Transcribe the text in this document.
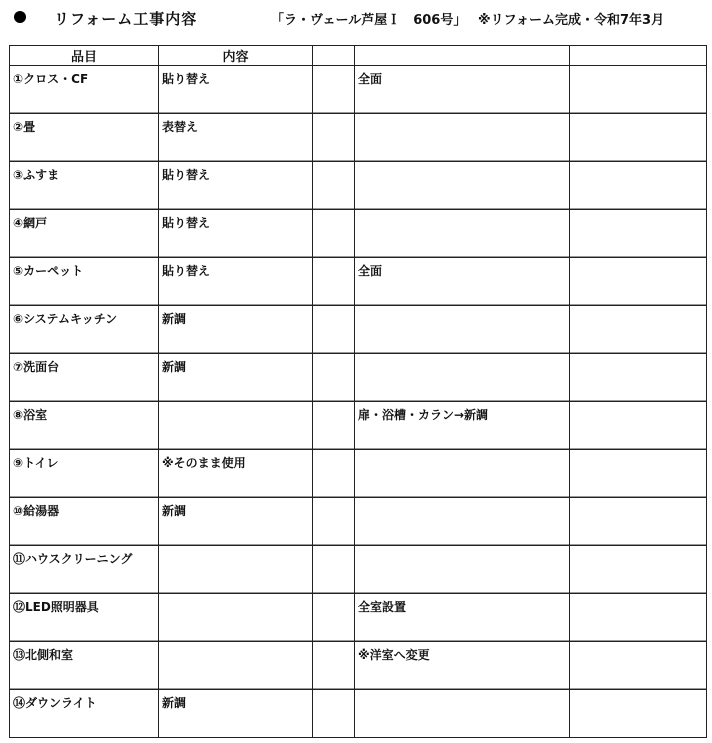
リフォーム工事内容	「ラ・ヴェール芦屋Ｉ　606号」 ※リフォーム完成・令和7年3月
品目	内容			
①クロス・CF	貼り替え		全面	
②畳	表替え			
③ふすま	貼り替え			
④網戸	貼り替え			
⑤カーペット	貼り替え		全面	
⑥システムキッチン	新調			
⑦洗面台	新調			
⑧浴室			扉・浴槽・カラン→新調	
⑨トイレ	※そのまま使用			
⑩給湯器	新調			
⑪ハウスクリーニング				
⑫LED照明器具			全室設置	
⑬北側和室			※洋室へ変更	
⑭ダウンライト	新調			
